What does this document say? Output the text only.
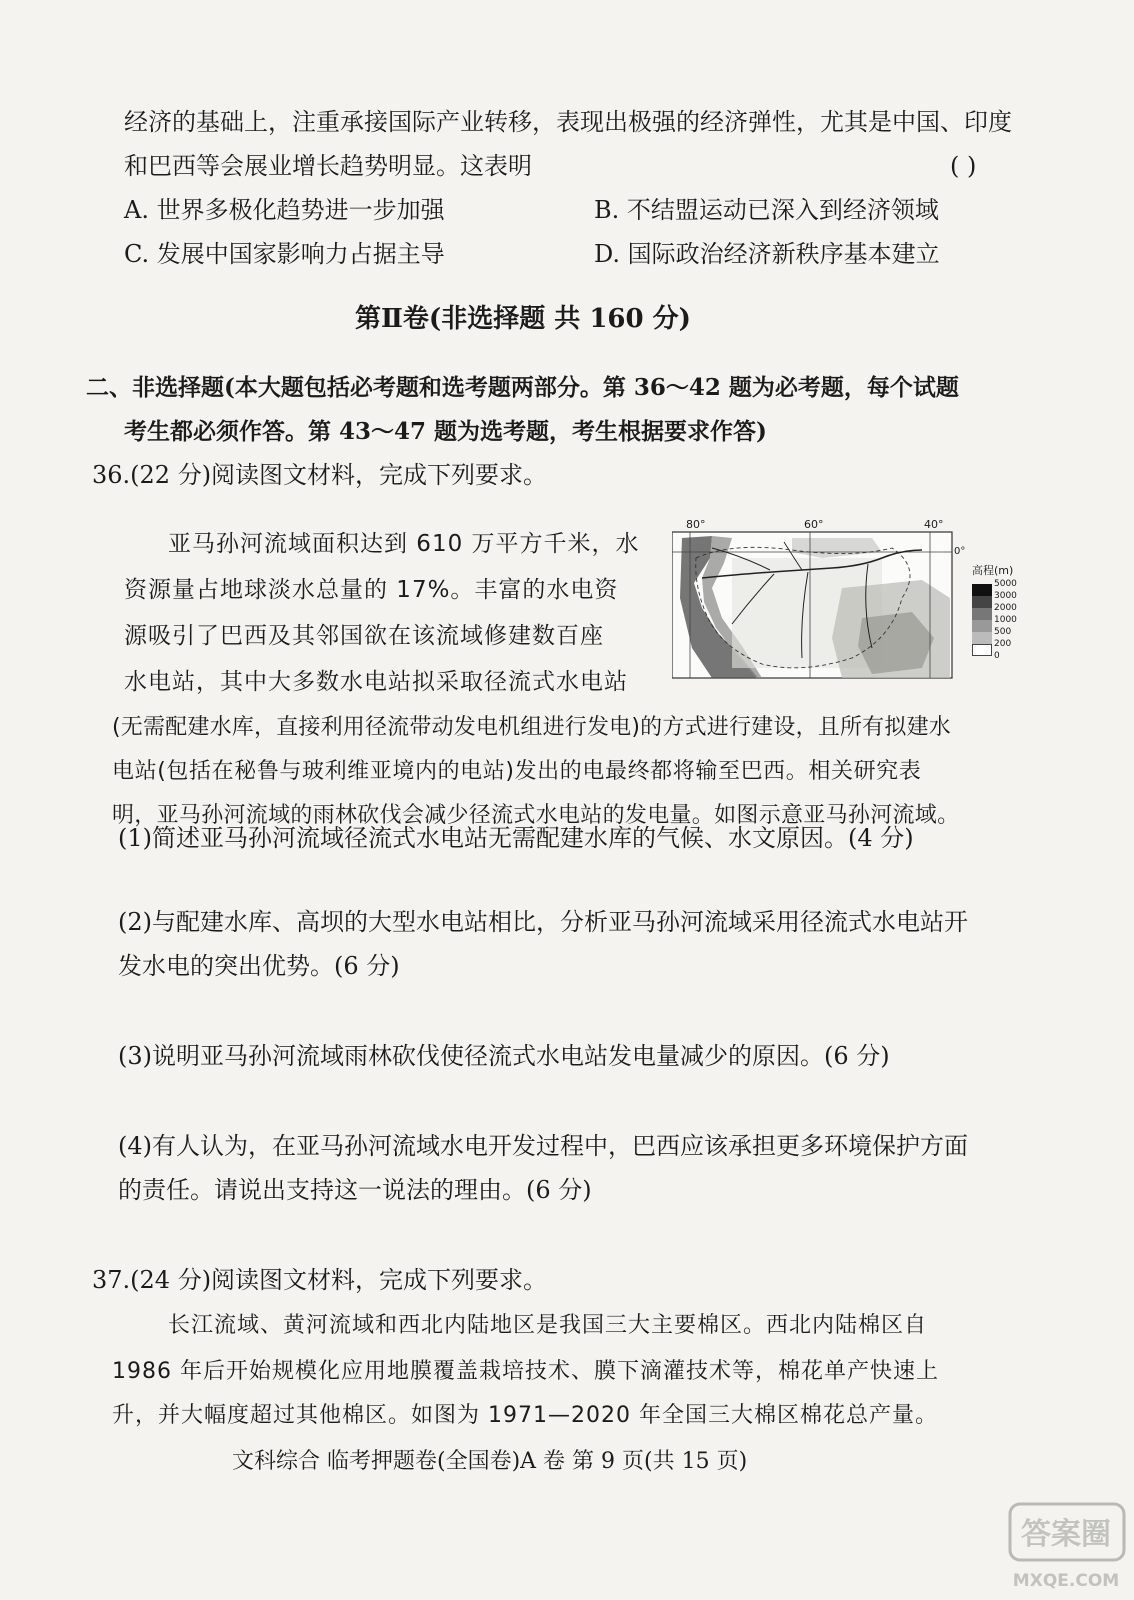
经济的基础上，注重承接国际产业转移，表现出极强的经济弹性，尤其是中国、印度
和巴西等会展业增长趋势明显。这表明	( )
A. 世界多极化趋势进一步加强	B. 不结盟运动已深入到经济领域
C. 发展中国家影响力占据主导	D. 国际政治经济新秩序基本建立
第Ⅱ卷(非选择题 共 160 分)
二、非选择题(本大题包括必考题和选考题两部分。第 36～42 题为必考题，每个试题
考生都必须作答。第 43～47 题为选考题，考生根据要求作答)
36.(22 分)阅读图文材料，完成下列要求。
亚马孙河流域面积达到 610 万平方千米，水
资源量占地球淡水总量的 17%。丰富的水电资
源吸引了巴西及其邻国欲在该流域修建数百座
水电站，其中大多数水电站拟采取径流式水电站
(无需配建水库，直接利用径流带动发电机组进行发电)的方式进行建设，且所有拟建水
电站(包括在秘鲁与玻利维亚境内的电站)发出的电最终都将输至巴西。相关研究表
明，亚马孙河流域的雨林砍伐会减少径流式水电站的发电量。如图示意亚马孙河流域。
80°	60°	40°
0°
高程(m)
5000
3000
2000
1000
500
200
0
(1)简述亚马孙河流域径流式水电站无需配建水库的气候、水文原因。(4 分)
(2)与配建水库、高坝的大型水电站相比，分析亚马孙河流域采用径流式水电站开
发水电的突出优势。(6 分)
(3)说明亚马孙河流域雨林砍伐使径流式水电站发电量减少的原因。(6 分)
(4)有人认为，在亚马孙河流域水电开发过程中，巴西应该承担更多环境保护方面
的责任。请说出支持这一说法的理由。(6 分)
37.(24 分)阅读图文材料，完成下列要求。
长江流域、黄河流域和西北内陆地区是我国三大主要棉区。西北内陆棉区自
1986 年后开始规模化应用地膜覆盖栽培技术、膜下滴灌技术等，棉花单产快速上
升，并大幅度超过其他棉区。如图为 1971—2020 年全国三大棉区棉花总产量。
文科综合 临考押题卷(全国卷)A 卷 第 9 页(共 15 页)
答案圈
MXQE.COM
